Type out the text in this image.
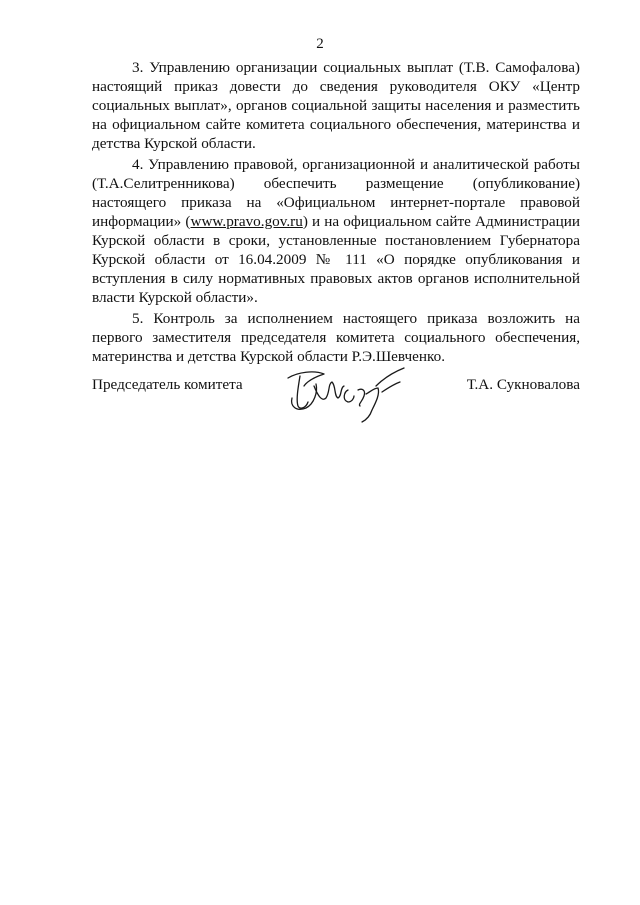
2

3. Управлению организации социальных выплат (Т.В. Самофалова) настоящий приказ довести до сведения руководителя ОКУ «Центр социальных выплат», органов социальной защиты населения и разместить на официальном сайте комитета социального обеспечения, материнства и детства Курской области.

4. Управлению правовой, организационной и аналитической работы (Т.А.Селитренникова) обеспечить размещение (опубликование) настоящего приказа на «Официальном интернет-портале правовой информации» (www.pravo.gov.ru) и на официальном сайте Администрации Курской области в сроки, установленные постановлением Губернатора Курской области от 16.04.2009 № 111 «О порядке опубликования и вступления в силу нормативных правовых актов органов исполнительной власти Курской области».

5. Контроль за исполнением настоящего приказа возложить на первого заместителя председателя комитета социального обеспечения, материнства и детства Курской области Р.Э.Шевченко.

Председатель комитета	Т.А. Сукновалова
